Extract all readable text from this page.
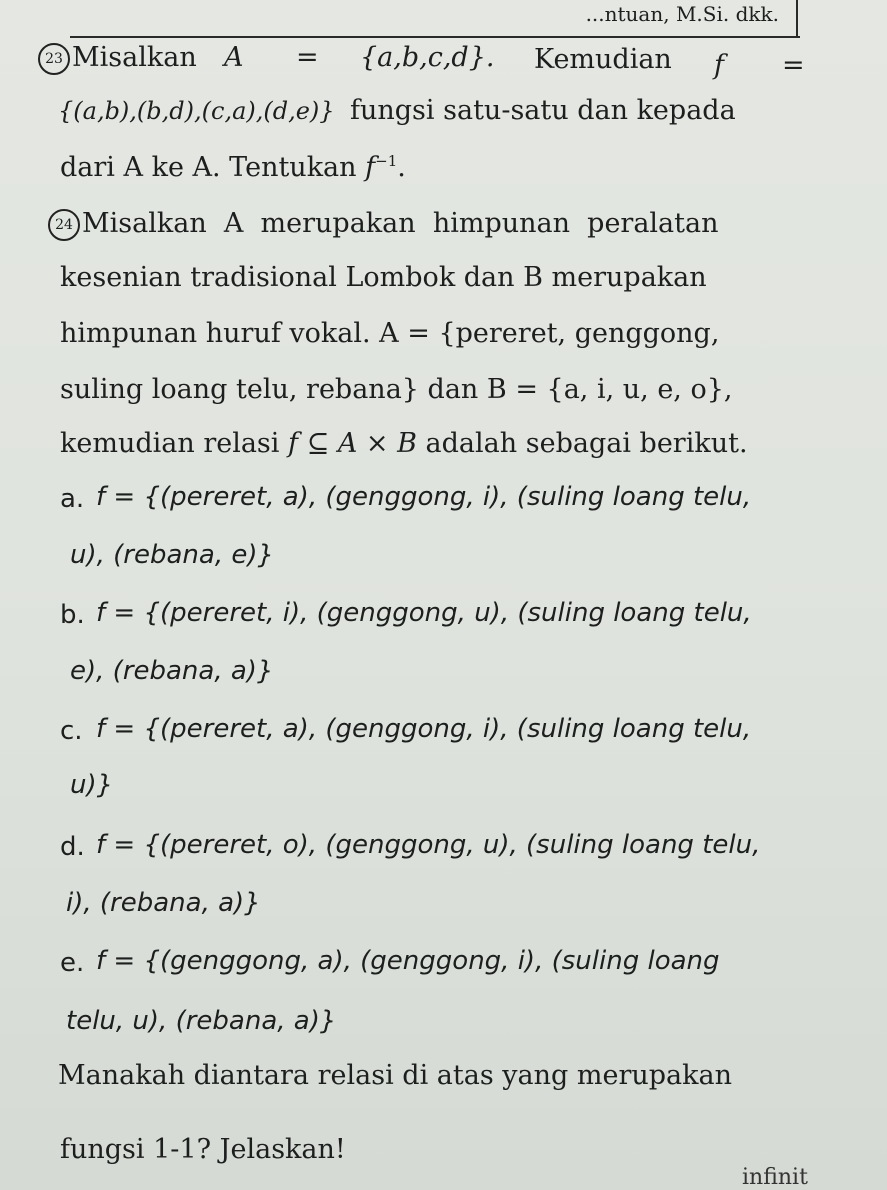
...ntuan, M.Si. dkk.
23 Misalkan A = {a,b,c,d}. Kemudian f =
{(a,b),(b,d),(c,a),(d,e)} fungsi satu-satu dan kepada
dari A ke A. Tentukan $f^{-1}$.
24 Misalkan  A  merupakan  himpunan  peralatan
kesenian tradisional Lombok dan B merupakan
himpunan huruf vokal. A = {pereret, genggong,
suling loang telu, rebana} dan B = {a, i, u, e, o},
kemudian relasi f ⊆ A × B adalah sebagai berikut.
a. f = {(pereret, a), (genggong, i), (suling loang telu,
u), (rebana, e)}
b. f = {(pereret, i), (genggong, u), (suling loang telu,
e), (rebana, a)}
c. f = {(pereret, a), (genggong, i), (suling loang telu,
u)}
d. f = {(pereret, o), (genggong, u), (suling loang telu,
i), (rebana, a)}
e. f = {(genggong, a), (genggong, i), (suling loang
telu, u), (rebana, a)}
Manakah diantara relasi di atas yang merupakan
fungsi 1-1? Jelaskan!
infinit
